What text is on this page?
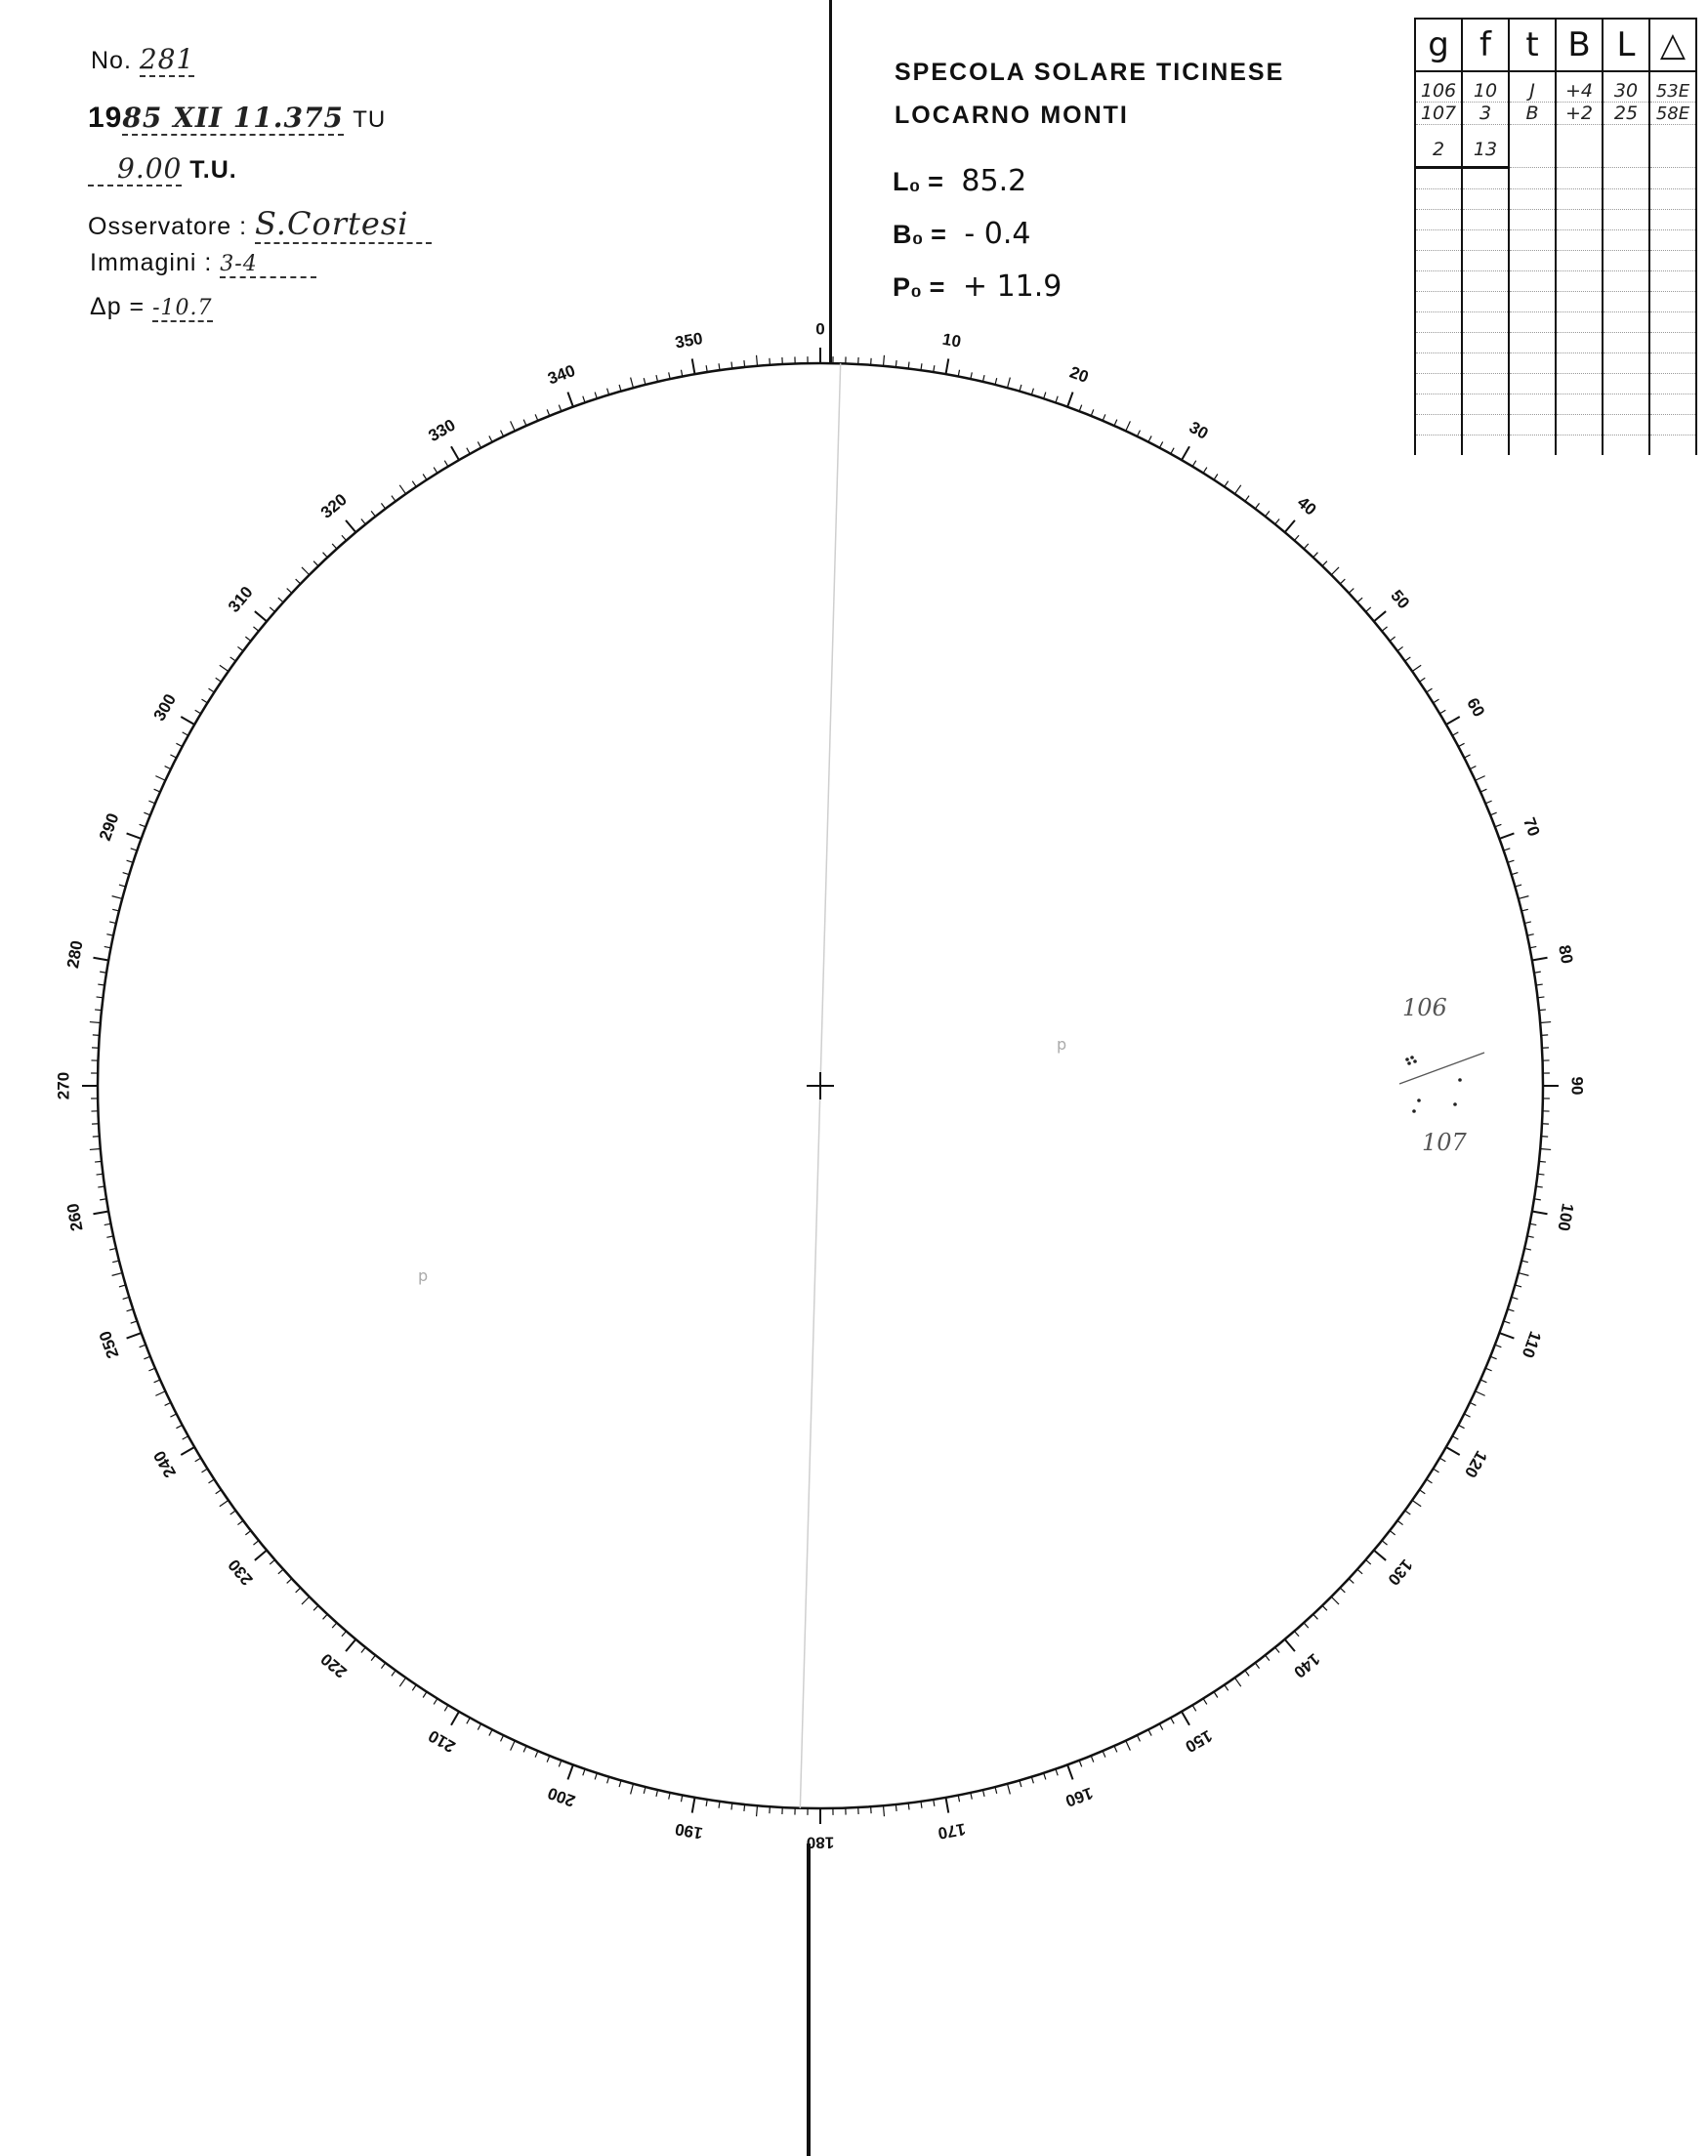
No. 281
1985 XII 11.375 TU
9.00 T.U.
Osservatore : S.Cortesi
Immagini : 3-4
Δp = -10.7
SPECOLA SOLARE TICINESE
LOCARNO MONTI
L₀ = 85.2
B₀ = - 0.4
P₀ = + 11.9
g	f	t	B	L	△

106	10	J	+4	30	53E
107	3	B	+2	25	58E

2	13				

0
10
20
30
40
50
60
70
80
90
100
110
120
130
140
150
160
170
180
190
200
210
220
230
240
250
260
270
280
290
300
310
320
330
340
350
106
107
p
p
